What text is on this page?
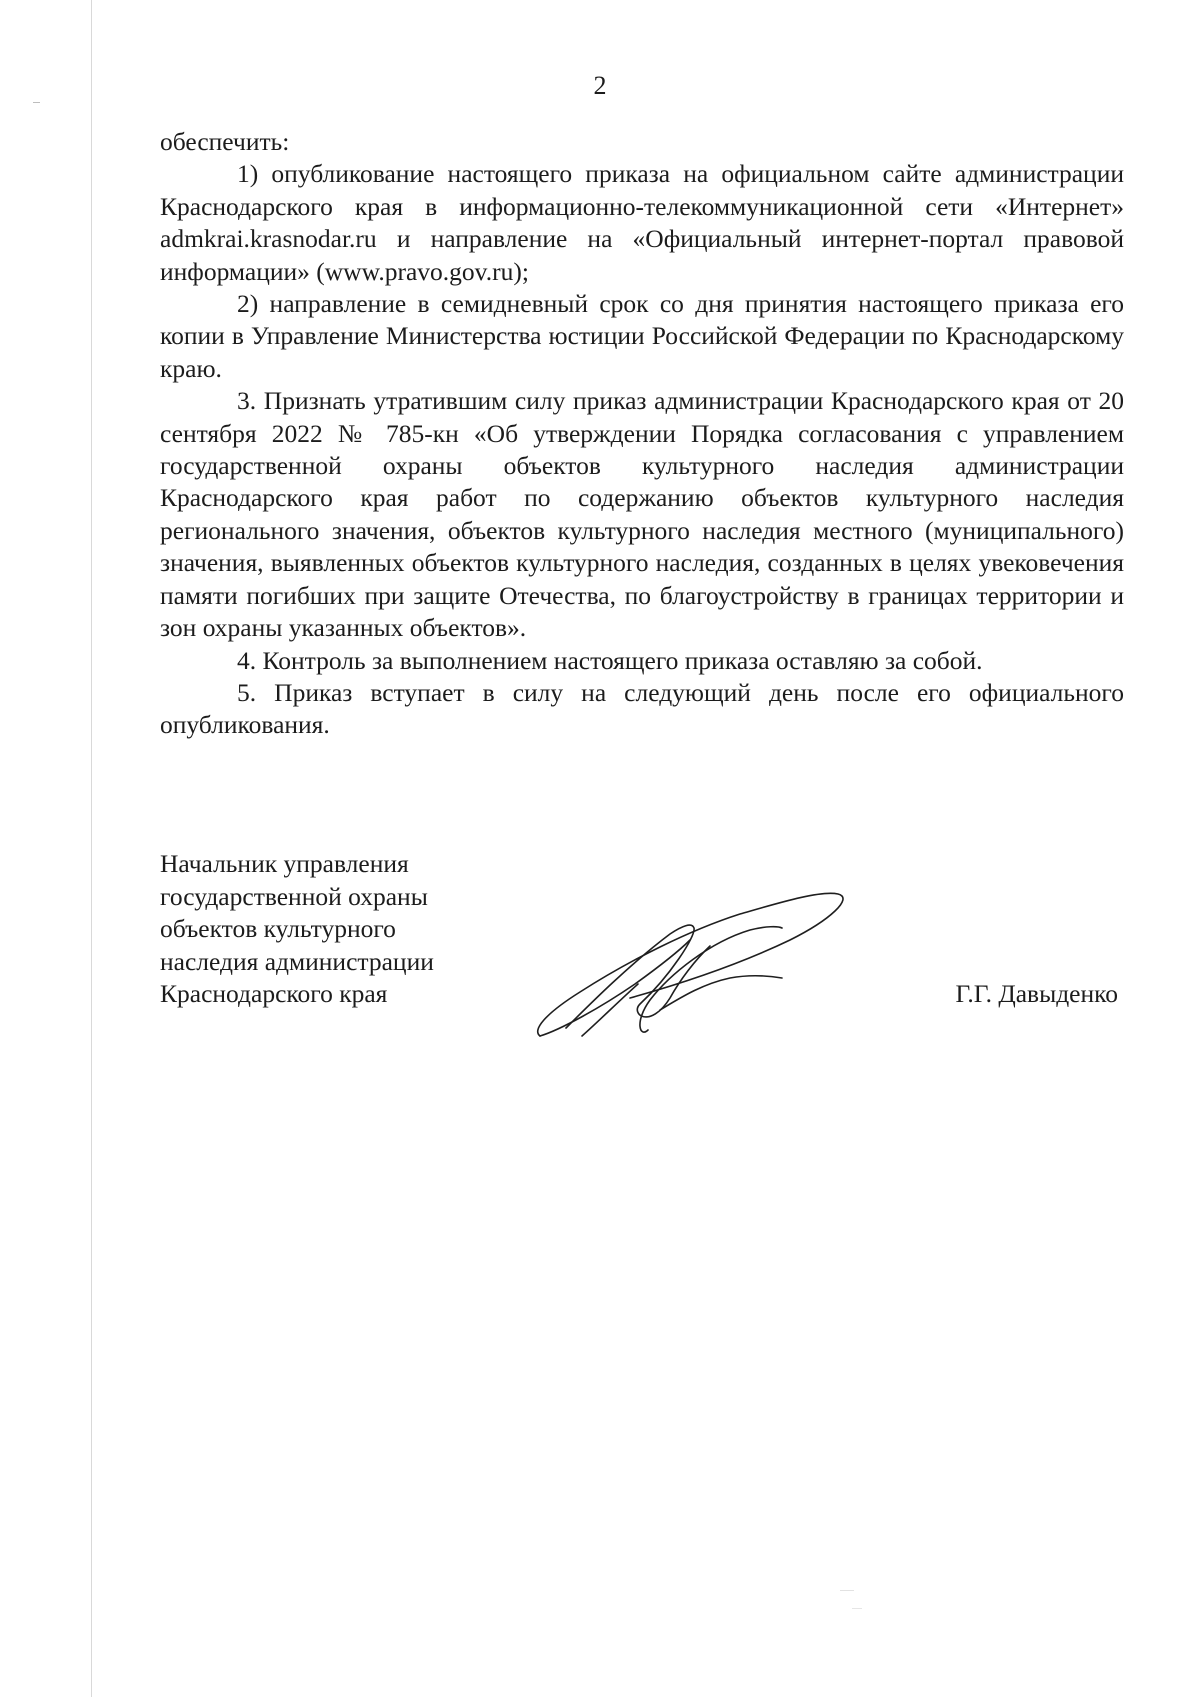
2

обеспечить:

1) опубликование настоящего приказа на официальном сайте администрации Краснодарского края в информационно-телекоммуникационной сети «Интернет» admkrai.krasnodar.ru и направление на «Официальный интернет-портал правовой информации» (www.pravo.gov.ru);

2) направление в семидневный срок со дня принятия настоящего приказа его копии в Управление Министерства юстиции Российской Федерации по Краснодарскому краю.

3. Признать утратившим силу приказ администрации Краснодарского края от 20 сентября 2022 № 785-кн «Об утверждении Порядка согласования с управлением государственной охраны объектов культурного наследия администрации Краснодарского края работ по содержанию объектов культурного наследия регионального значения, объектов культурного наследия местного (муниципального) значения, выявленных объектов культурного наследия, созданных в целях увековечения памяти погибших при защите Отечества, по благоустройству в границах территории и зон охраны указанных объектов».

4. Контроль за выполнением настоящего приказа оставляю за собой.

5. Приказ вступает в силу на следующий день после его официального опубликования.

Начальник управления
государственной охраны
объектов культурного
наследия администрации
Краснодарского края	Г.Г. Давыденко
